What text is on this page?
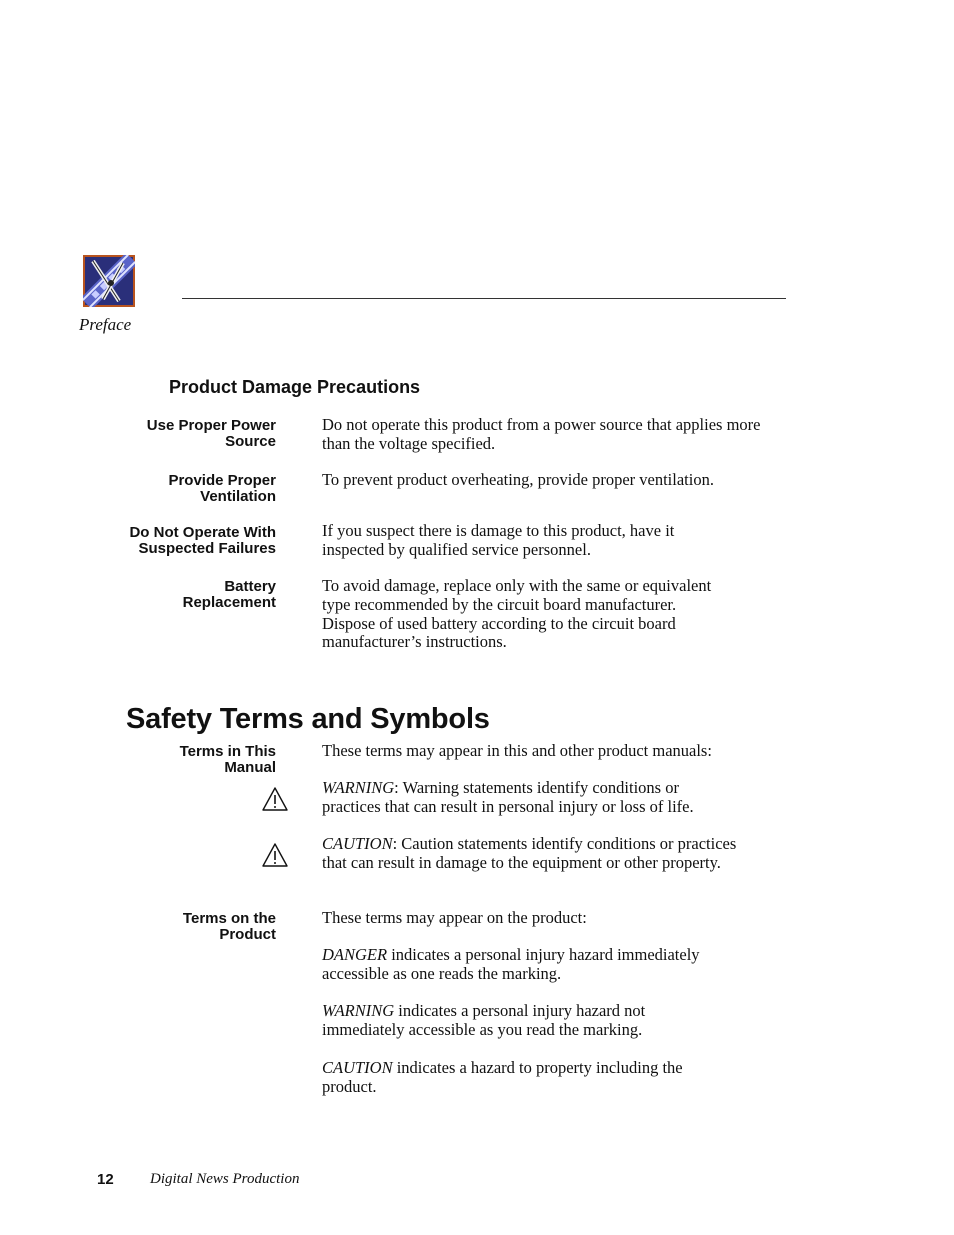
Preface
Product Damage Precautions
Use Proper Power
Source

Do not operate this product from a power source that applies more than the voltage specified.

Provide Proper
Ventilation

To prevent product overheating, provide proper ventilation.

Do Not Operate With
Suspected Failures

If you suspect there is damage to this product, have it inspected by qualified service personnel.

Battery
Replacement

To avoid damage, replace only with the same or equivalent type recommended by the circuit board manufacturer. Dispose of used battery according to the circuit board manufacturer’s instructions.

Safety Terms and Symbols
Terms in This
Manual

These terms may appear in this and other product manuals:

WARNING: Warning statements identify conditions or practices that can result in personal injury or loss of life.

CAUTION: Caution statements identify conditions or practices that can result in damage to the equipment or other property.

Terms on the
Product

These terms may appear on the product:

DANGER indicates a personal injury hazard immediately accessible as one reads the marking.

WARNING indicates a personal injury hazard not immediately accessible as you read the marking.

CAUTION indicates a hazard to property including the product.

12 Digital News Production
